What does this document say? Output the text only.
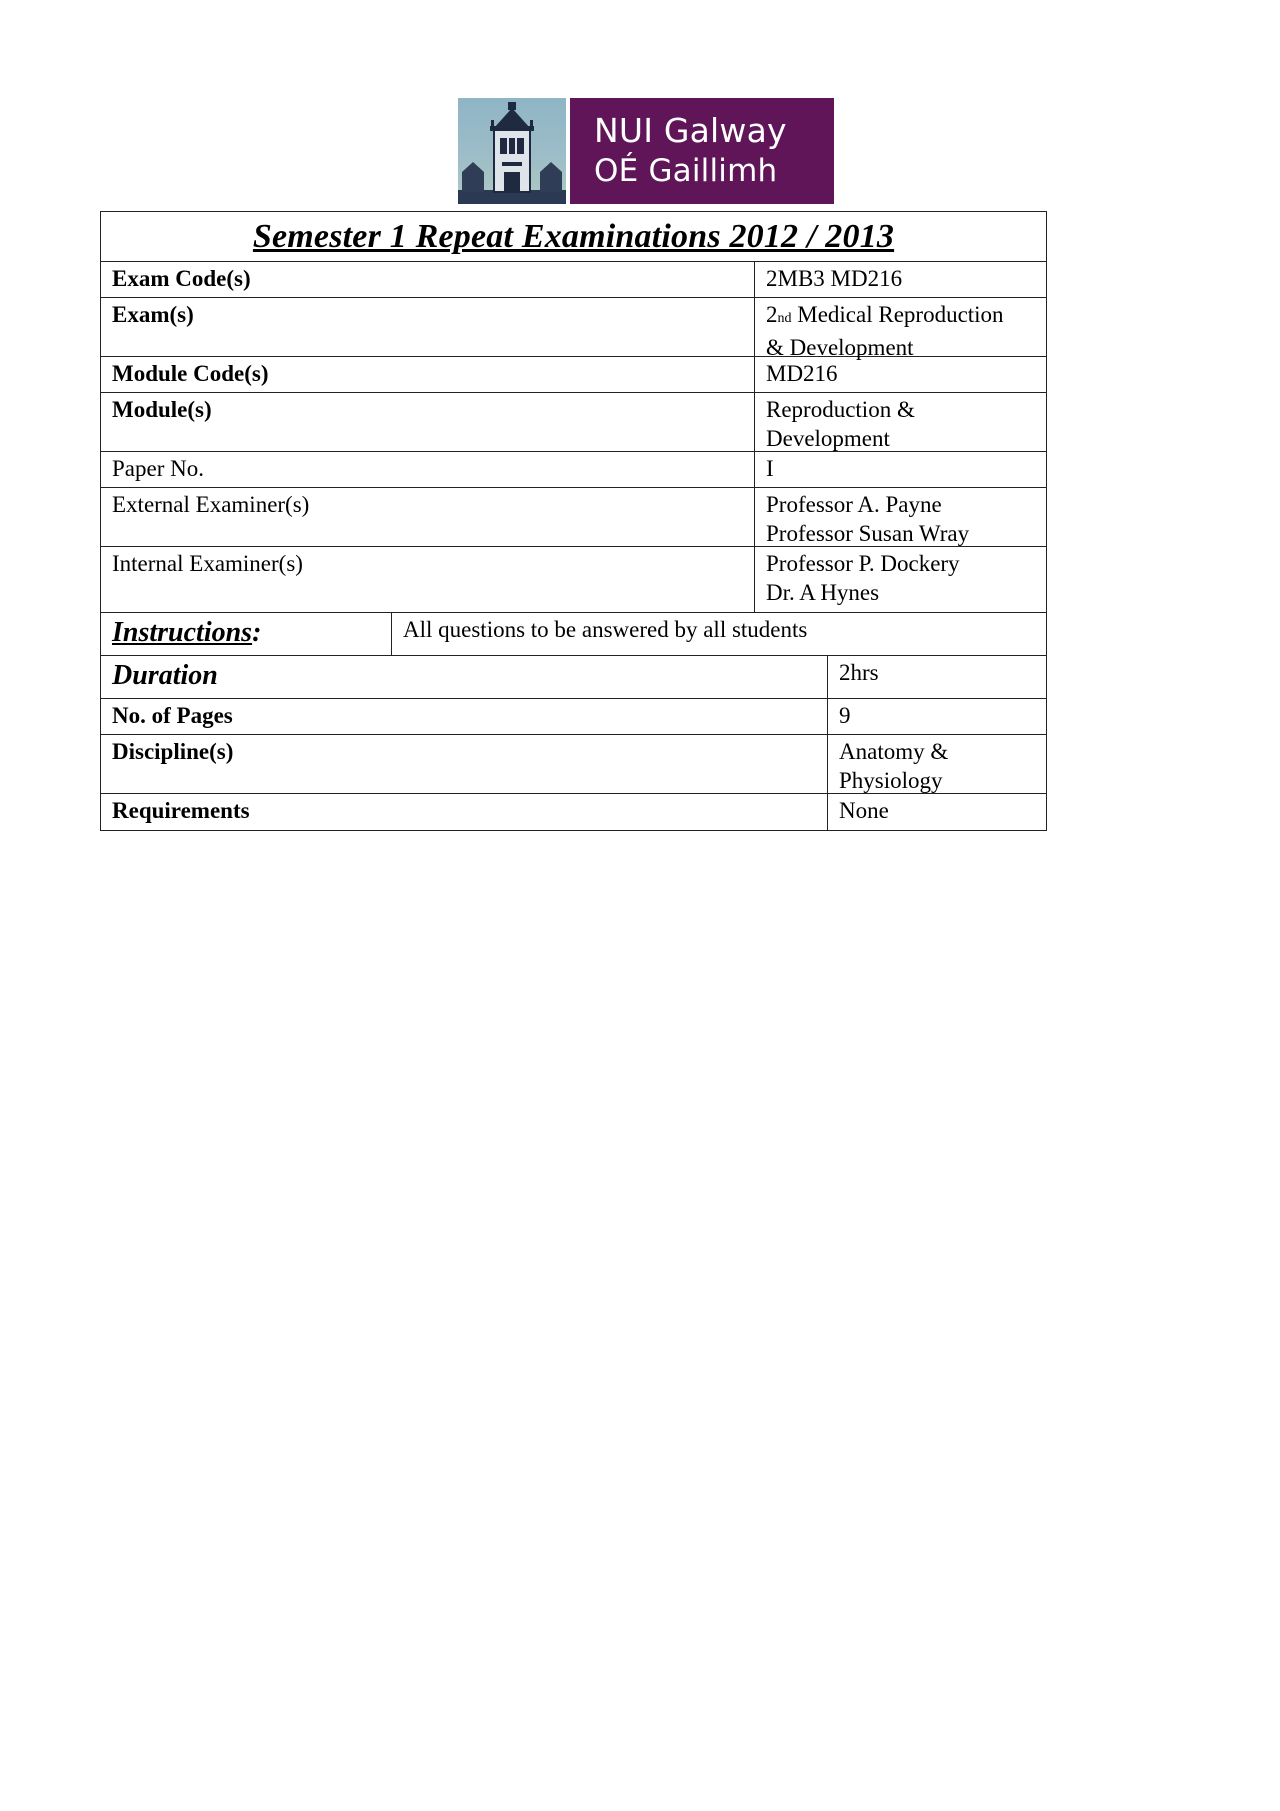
NUI Galway
OÉ Gaillimh
Semester 1 Repeat Examinations 2012 / 2013
Exam Code(s)	2MB3 MD216
Exam(s)	2nd Medical Reproduction
& Development
Module Code(s)	MD216
Module(s)	Reproduction &
Development
Paper No.	I
External Examiner(s)	Professor A. Payne
Professor Susan Wray
Internal Examiner(s)	Professor P. Dockery
Dr. A Hynes
Instructions:	All questions to be answered by all students
Duration	2hrs
No. of Pages	9
Discipline(s)	Anatomy &
Physiology
Requirements	None
